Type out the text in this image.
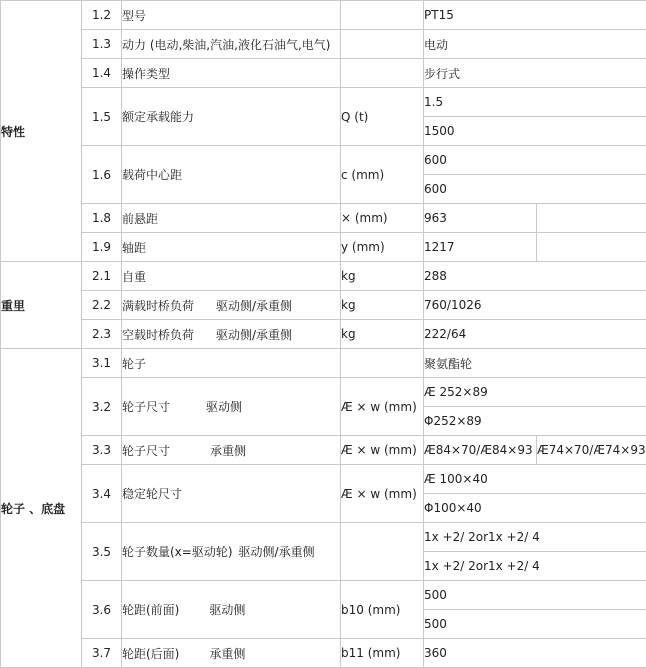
特性	1.2	型号		PT15	
	1.3	动力 (电动,柴油,汽油,液化石油气,电气)		电动	
	1.4	操作类型		步行式	
	1.5	额定承载能力	Q (t)	1.5	
				1500	
	1.6	载荷中心距	c (mm)	600	
				600	
	1.8	前悬距	× (mm)	963	
	1.9	轴距	y (mm)	1217	
重里	2.1	自重	kg	288	
	2.2	满载时桥负荷 驱动侧/承重侧	kg	760/1026	
	2.3	空载时桥负荷 驱动侧/承重侧	kg	222/64	
轮子 、底盘	3.1	轮子		聚氨酯轮	
	3.2	轮子尺寸 驱动侧	Æ × w (mm)	Æ 252×89	
				Φ252×89	
	3.3	轮子尺寸 承重侧	Æ × w (mm)	Æ84×70/Æ84×93	Æ74×70/Æ74×93
	3.4	稳定轮尺寸	Æ × w (mm)	Æ 100×40	
				Φ100×40	
	3.5	轮子数量(x=驱动轮) 驱动侧/承重侧		1x +2/ 2or1x +2/ 4	
				1x +2/ 2or1x +2/ 4	
	3.6	轮距(前面) 驱动侧	b10 (mm)	500	
				500	
	3.7	轮距(后面) 承重侧	b11 (mm)	360	
